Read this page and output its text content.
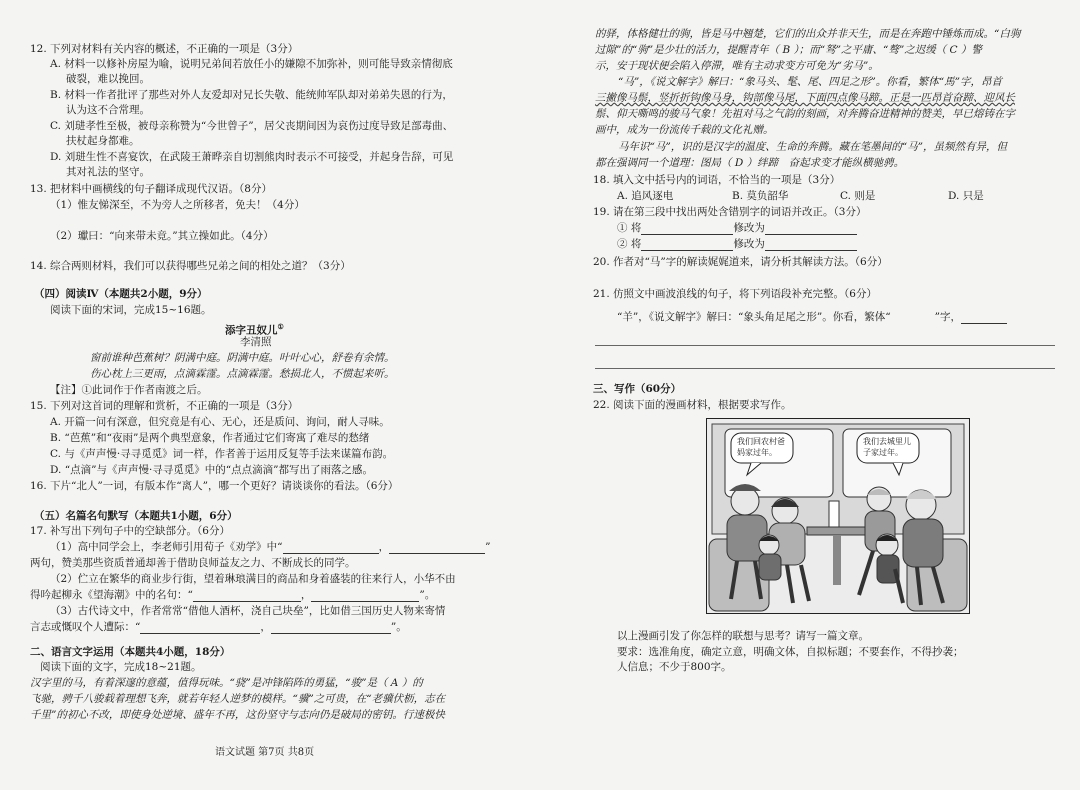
12. 下列对材料有关内容的概述，不正确的一项是（3分）
A. 材料一以修补房屋为喻，说明兄弟间若放任小的嫌隙不加弥补，则可能导致亲情彻底
破裂，难以挽回。
B. 材料一作者批评了那些对外人友爱却对兄长失敬、能统帅军队却对弟弟失恩的行为，
认为这不合常理。
C. 刘琎孝性至极，被母亲称赞为“今世曾子”，居父丧期间因为哀伤过度导致足部毒曲、
扶杖起身都难。
D. 刘琎生性不喜宴饮，在武陵王萧晔亲自切割熊肉时表示不可接受，并起身告辞，可见
其对礼法的坚守。
13. 把材料中画横线的句子翻译成现代汉语。（8分）
（1）惟友悌深至，不为旁人之所移者，免夫！（4分）
（2）瓛曰：“向来带未竟。”其立操如此。（4分）
14. 综合两则材料，我们可以获得哪些兄弟之间的相处之道？（3分）
（四）阅读Ⅳ（本题共2小题，9分）
阅读下面的宋词，完成15~16题。
添字丑奴儿①
李清照
窗前谁种芭蕉树？阴满中庭。阴满中庭。叶叶心心，舒卷有余情。
伤心枕上三更雨，点滴霖霪。点滴霖霪。愁损北人，不惯起来听。
【注】①此词作于作者南渡之后。
15. 下列对这首词的理解和赏析，不正确的一项是（3分）
A. 开篇一问有深意，但究竟是有心、无心，还是质问、询问，耐人寻味。
B. “芭蕉”和“夜雨”是两个典型意象，作者通过它们寄寓了难尽的愁绪
C. 与《声声慢·寻寻觅觅》词一样，作者善于运用反复等手法来谋篇布韵。
D. “点滴”与《声声慢·寻寻觅觅》中的“点点滴滴”都写出了雨落之感。
16. 下片“北人”一词，有版本作“离人”，哪一个更好？请谈谈你的看法。（6分）
（五）名篇名句默写（本题共1小题，6分）
17. 补写出下列句子中的空缺部分。（6分）
（1）高中同学会上，李老师引用荀子《劝学》中“	，	”
两句，赞美那些资质普通却善于借助良师益友之力、不断成长的同学。
（2）伫立在繁华的商业步行街，望着琳琅满目的商品和身着盛装的往来行人，小华不由
得吟起柳永《望海潮》中的名句：“	，	”。
（3）古代诗文中，作者常常“借他人酒杯，浇自己块垒”，比如借三国历史人物来寄情
言志或慨叹个人遭际：“	，	”。
二、语言文字运用（本题共4小题，18分）
阅读下面的文字，完成18~21题。
汉字里的马，有着深邃的意蕴，值得玩味。“骁”是冲锋陷阵的勇猛，“骏”是（ A ）的
飞驰，骋千八骏载着理想飞奔，就若年轻人逆梦的模样。“骥”之可贵，在“老骥伏枥，志在
千里”的初心不改，即使身处逆境、盛年不再，这份坚守与志向仍是破局的密钥。行速极快
语文试题 第7页 共8页
的驿，体格健壮的驹，皆是马中翘楚，它们的出众并非天生，而是在奔跑中锤炼而成。“白驹
过隙”的“驹”是少壮的活力，提醒青年（ B ）；而“驽”之平庸、“骜”之迟缓（ C ）警
示，安于现状便会陷入停滞，唯有主动求变方可免为“劣马”。
“马”，《说文解字》解曰：“象马头、髦、尾、四足之形”。你看，繁体“馬”字，昂首
三撇像马鬃，竖折折钩像马身，钩部像马尾，下面四点像马蹄。正是一匹昂首奋蹄、迎风长
鬃、仰天嘶鸣的骏马气象！先祖对马之气韵的刻画，对奔腾奋进精神的赞美，早已熔铸在字
画中，成为一份流传千载的文化礼赠。
马年识“马”，识的是汉字的温度、生命的奔腾。藏在笔墨间的“马”，虽频然有异，但
都在强调同一个道理：图局（ D ）绊蹄　奋起求变才能纵横驰骋。
18. 填入文中括号内的词语，不恰当的一项是（3分）
A. 追风逐电	B. 莫负韶华	C. 则是	D. 只是
19. 请在第三段中找出两处含错别字的词语并改正。（3分）
① 将	修改为
② 将	修改为
20. 作者对“马”字的解读娓娓道来，请分析其解读方法。（6分）
21. 仿照文中画波浪线的句子，将下列语段补充完整。（6分）
“羊”，《说文解字》解曰：“象头角足尾之形”。你看，繁体“	”字，
三、写作（60分）
22. 阅读下面的漫画材料，根据要求写作。
以上漫画引发了你怎样的联想与思考？请写一篇文章。
要求：选准角度，确定立意，明确文体，自拟标题；不要套作，不得抄袭；
人信息；不少于800字。
我们回农村爸妈家过年。
我们去城里儿子家过年。
